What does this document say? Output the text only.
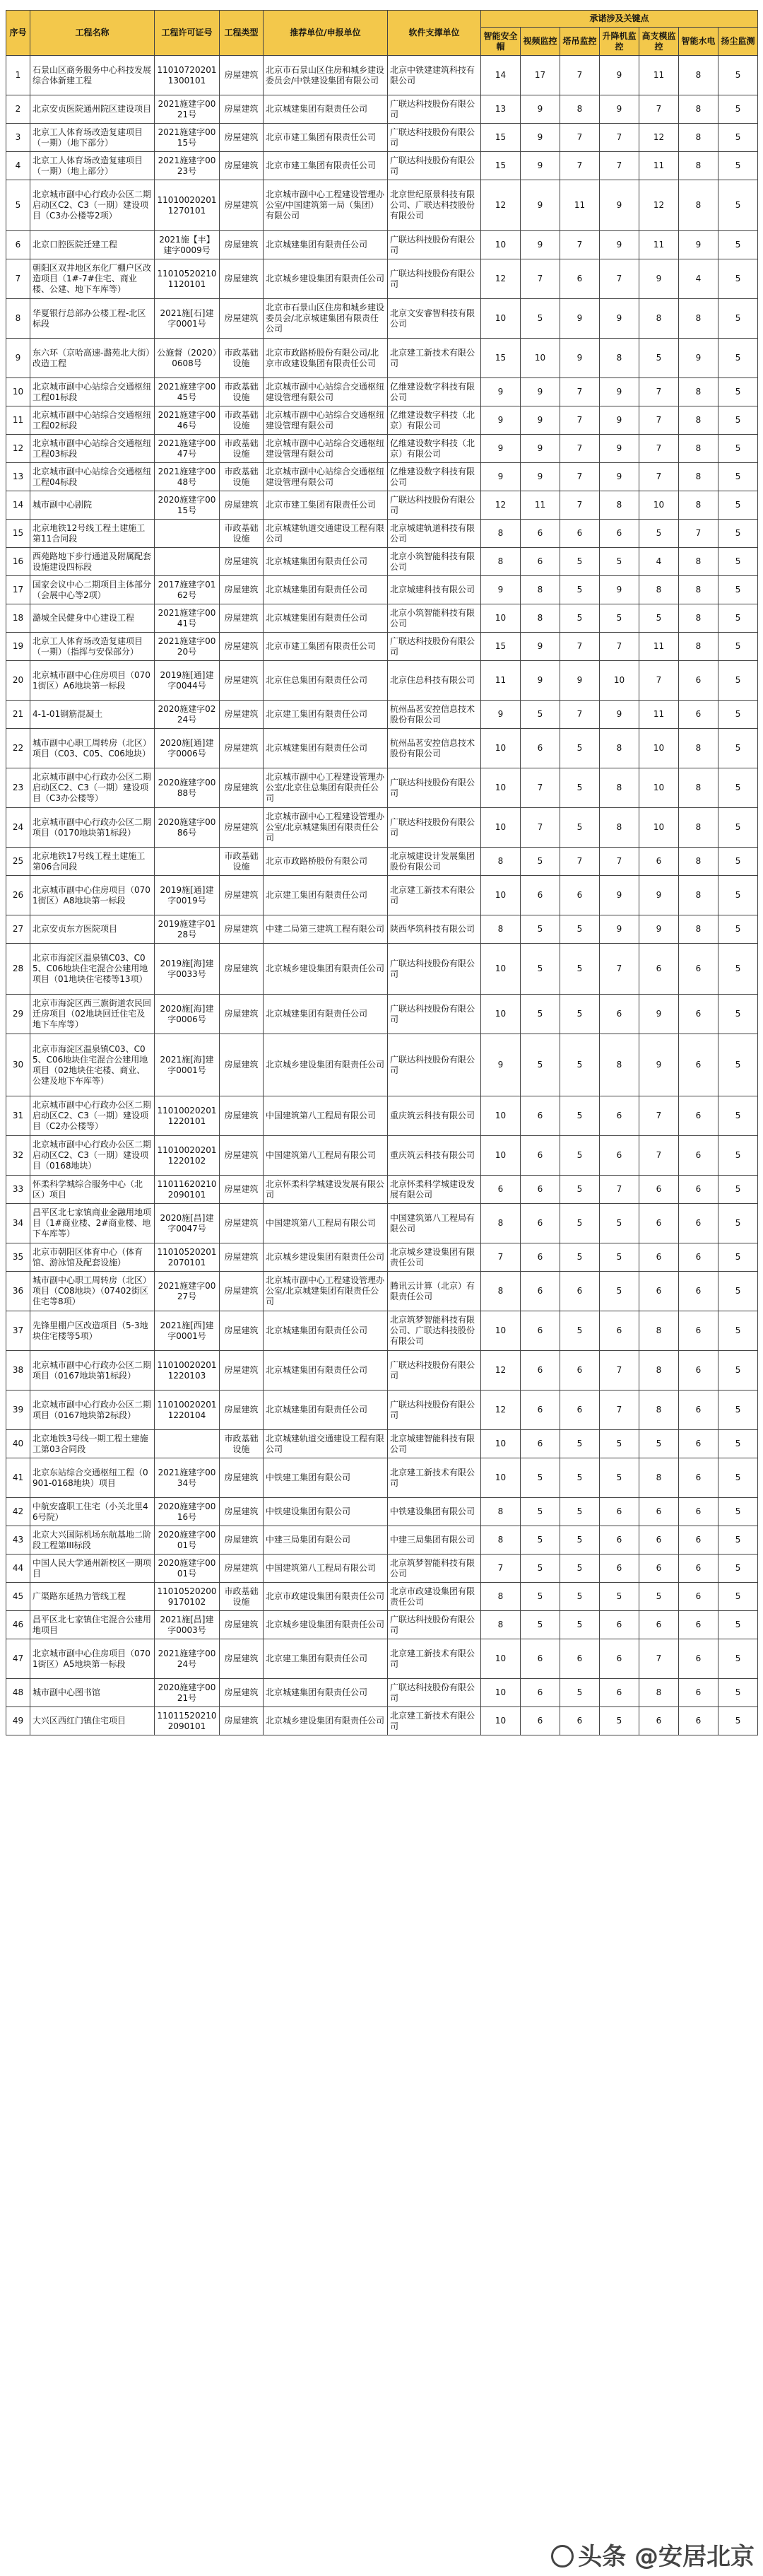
序号	工程名称	工程许可证号	工程类型	推荐单位/申报单位	软件支撑单位	承诺涉及关键点						
						智能安全帽	视频监控	塔吊监控	升降机监控	高支模监控	智能水电	扬尘监测
1	石景山区商务服务中心科技发展综合体新建工程	110107202011300101	房屋建筑	北京市石景山区住房和城乡建设委员会/中铁建设集团有限公司	北京中铁建建筑科技有限公司	14	17	7	9	11	8	5
2	北京安贞医院通州院区建设项目	2021施建字0021号	房屋建筑	北京城建集团有限责任公司	广联达科技股份有限公司	13	9	8	9	7	8	5
3	北京工人体育场改造复建项目（一期）（地下部分）	2021施建字0015号	房屋建筑	北京市建工集团有限责任公司	广联达科技股份有限公司	15	9	7	7	12	8	5
4	北京工人体育场改造复建项目（一期）（地上部分）	2021施建字0023号	房屋建筑	北京市建工集团有限责任公司	广联达科技股份有限公司	15	9	7	7	11	8	5
5	北京城市副中心行政办公区二期启动区C2、C3（一期）建设项目（C3办公楼等2项）	110100202011270101	房屋建筑	北京城市副中心工程建设管理办公室/中国建筑第一局（集团）有限公司	北京世纪原景科技有限公司、广联达科技股份有限公司	12	9	11	9	12	8	5
6	北京口腔医院迁建工程	2021施【丰】建字0009号	房屋建筑	北京城建集团有限责任公司	广联达科技股份有限公司	10	9	7	9	11	9	5
7	朝阳区双井地区东化厂棚户区改造项目（1#-7#住宅、商业楼、公建、地下车库等）	110105202101120101	房屋建筑	北京城乡建设集团有限责任公司	广联达科技股份有限公司	12	7	6	7	9	4	5
8	华夏银行总部办公楼工程-北区标段	2021施[石]建字0001号	房屋建筑	北京市石景山区住房和城乡建设委员会/北京城建集团有限责任公司	北京文安睿智科技有限公司	10	5	9	9	8	8	5
9	东六环（京哈高速-潞苑北大街）改造工程	公施督（2020）0608号	市政基础设施	北京市政路桥股份有限公司/北京市政建设集团有限责任公司	北京建工新技术有限公司	15	10	9	8	5	9	5
10	北京城市副中心站综合交通枢纽工程01标段	2021施建字0045号	市政基础设施	北京城市副中心站综合交通枢纽建设管理有限公司	亿维建设数字科技有限公司	9	9	7	9	7	8	5
11	北京城市副中心站综合交通枢纽工程02标段	2021施建字0046号	市政基础设施	北京城市副中心站综合交通枢纽建设管理有限公司	亿维建设数字科技（北京）有限公司	9	9	7	9	7	8	5
12	北京城市副中心站综合交通枢纽工程03标段	2021施建字0047号	市政基础设施	北京城市副中心站综合交通枢纽建设管理有限公司	亿维建设数字科技（北京）有限公司	9	9	7	9	7	8	5
13	北京城市副中心站综合交通枢纽工程04标段	2021施建字0048号	市政基础设施	北京城市副中心站综合交通枢纽建设管理有限公司	亿维建设数字科技有限公司	9	9	7	9	7	8	5
14	城市副中心剧院	2020施建字0015号	房屋建筑	北京市建工集团有限责任公司	广联达科技股份有限公司	12	11	7	8	10	8	5
15	北京地铁12号线工程土建施工第11合同段		市政基础设施	北京城建轨道交通建设工程有限公司	北京城建轨道科技有限公司	8	6	6	6	5	7	5
16	西苑路地下步行通道及附属配套设施建设四标段		房屋建筑	北京城建集团有限责任公司	北京小筑智能科技有限公司	8	6	5	5	4	8	5
17	国家会议中心二期项目主体部分（会展中心等2项）	2017施建字0162号	房屋建筑	北京城建集团有限责任公司	北京城建科技有限公司	9	8	5	9	8	8	5
18	潞城全民健身中心建设工程	2021施建字0041号	房屋建筑	北京城建集团有限责任公司	北京小筑智能科技有限公司	10	8	5	5	5	8	5
19	北京工人体育场改造复建项目（一期）（指挥与安保部分）	2021施建字0020号	房屋建筑	北京市建工集团有限责任公司	广联达科技股份有限公司	15	9	7	7	11	8	5
20	北京城市副中心住房项目（0701街区）A6地块第一标段	2019施[通]建字0044号	房屋建筑	北京住总集团有限责任公司	北京住总科技有限公司	11	9	9	10	7	6	5
21	4-1-01钢筋混凝土	2020施建字0224号	房屋建筑	北京建工集团有限责任公司	杭州品茗安控信息技术股份有限公司	9	5	7	9	11	6	5
22	城市副中心职工周转房（北区）项目（C03、C05、C06地块）	2020施[通]建字0006号	房屋建筑	北京城建集团有限责任公司	杭州品茗安控信息技术股份有限公司	10	6	5	8	10	8	5
23	北京城市副中心行政办公区二期启动区C2、C3（一期）建设项目（C3办公楼等）	2020施建字0088号	房屋建筑	北京城市副中心工程建设管理办公室/北京住总集团有限责任公司	广联达科技股份有限公司	10	7	5	8	10	8	5
24	北京城市副中心行政办公区二期项目（0170地块第1标段）	2020施建字0086号	房屋建筑	北京城市副中心工程建设管理办公室/北京城建集团有限责任公司	广联达科技股份有限公司	10	7	5	8	10	8	5
25	北京地铁17号线工程土建施工第06合同段		市政基础设施	北京市政路桥股份有限公司	北京城建设计发展集团股份有限公司	8	5	7	7	6	8	5
26	北京城市副中心住房项目（0701街区）A8地块第一标段	2019施[通]建字0019号	房屋建筑	北京建工集团有限责任公司	北京建工新技术有限公司	10	6	6	9	9	8	5
27	北京安贞东方医院项目	2019施建字0128号	房屋建筑	中建二局第三建筑工程有限公司	陕西华筑科技有限公司	8	5	5	9	9	8	5
28	北京市海淀区温泉镇C03、C05、C06地块住宅混合公建用地项目（01地块住宅楼等13项）	2019施[海]建字0033号	房屋建筑	北京城乡建设集团有限责任公司	广联达科技股份有限公司	10	5	5	7	6	6	5
29	北京市海淀区西三旗街道农民回迁房项目（02地块回迁住宅及地下车库等）	2020施[海]建字0006号	房屋建筑	北京城建集团有限责任公司	广联达科技股份有限公司	10	5	5	6	9	6	5
30	北京市海淀区温泉镇C03、C05、C06地块住宅混合公建用地项目（02地块住宅楼、商业、公建及地下车库等）	2021施[海]建字0001号	房屋建筑	北京城乡建设集团有限责任公司	广联达科技股份有限公司	9	5	5	8	9	6	5
31	北京城市副中心行政办公区二期启动区C2、C3（一期）建设项目（C2办公楼等）	110100202011220101	房屋建筑	中国建筑第八工程局有限公司	重庆筑云科技有限公司	10	6	5	6	7	6	5
32	北京城市副中心行政办公区二期启动区C2、C3（一期）建设项目（0168地块）	110100202011220102	房屋建筑	中国建筑第八工程局有限公司	重庆筑云科技有限公司	10	6	5	6	7	6	5
33	怀柔科学城综合服务中心（北区）项目	110116202102090101	房屋建筑	北京怀柔科学城建设发展有限公司	北京怀柔科学城建设发展有限公司	6	6	5	7	6	6	5
34	昌平区北七家镇商业金融用地项目（1#商业楼、2#商业楼、地下车库等）	2020施[昌]建字0047号	房屋建筑	中国建筑第八工程局有限公司	中国建筑第八工程局有限公司	8	6	5	5	6	6	5
35	北京市朝阳区体育中心（体育馆、游泳馆及配套设施）	110105202012070101	房屋建筑	北京城乡建设集团有限责任公司	北京城乡建设集团有限责任公司	7	6	5	5	6	6	5
36	城市副中心职工周转房（北区）项目（C08地块）（07402街区住宅等8项）	2021施建字0027号	房屋建筑	北京城市副中心工程建设管理办公室/北京城建集团有限责任公司	腾讯云计算（北京）有限责任公司	8	6	6	5	6	6	5
37	先锋里棚户区改造项目（5-3地块住宅楼等5项）	2021施[西]建字0001号	房屋建筑	北京城建集团有限责任公司	北京筑梦智能科技有限公司、广联达科技股份有限公司	10	6	5	6	8	6	5
38	北京城市副中心行政办公区二期项目（0167地块第1标段）	110100202011220103	房屋建筑	北京城建集团有限责任公司	广联达科技股份有限公司	12	6	6	7	8	6	5
39	北京城市副中心行政办公区二期项目（0167地块第2标段）	110100202011220104	房屋建筑	北京城建集团有限责任公司	广联达科技股份有限公司	12	6	6	7	8	6	5
40	北京地铁3号线一期工程土建施工第03合同段		市政基础设施	北京城建轨道交通建设工程有限公司	北京城建智能科技有限公司	10	6	5	5	5	6	5
41	北京东站综合交通枢纽工程（0901-0168地块）项目	2021施建字0034号	房屋建筑	中铁建工集团有限公司	北京建工新技术有限公司	10	5	5	5	8	6	5
42	中航安盛职工住宅（小关北里46号院）	2020施建字0016号	房屋建筑	中铁建设集团有限公司	中铁建设集团有限公司	8	5	5	6	6	6	5
43	北京大兴国际机场东航基地二阶段工程第III标段	2020施建字0001号	房屋建筑	中建三局集团有限公司	中建三局集团有限公司	8	5	5	6	6	6	5
44	中国人民大学通州新校区一期项目	2020施建字0001号	房屋建筑	中国建筑第八工程局有限公司	北京筑梦智能科技有限公司	7	5	5	6	6	6	5
45	广渠路东延热力管线工程	110105202009170102	市政基础设施	北京市政建设集团有限责任公司	北京市政建设集团有限责任公司	8	5	5	5	5	6	5
46	昌平区北七家镇住宅混合公建用地项目	2021施[昌]建字0003号	房屋建筑	北京城乡建设集团有限责任公司	广联达科技股份有限公司	8	5	5	6	6	6	5
47	北京城市副中心住房项目（0701街区）A5地块第一标段	2021施建字0024号	房屋建筑	北京建工集团有限责任公司	北京建工新技术有限公司	10	6	6	6	7	6	5
48	城市副中心图书馆	2020施建字0021号	房屋建筑	北京城建集团有限责任公司	广联达科技股份有限公司	10	6	5	6	8	6	5
49	大兴区西红门镇住宅项目	110115202102090101	房屋建筑	北京城乡建设集团有限责任公司	北京建工新技术有限公司	10	6	6	5	6	6	5
头条 @安居北京
